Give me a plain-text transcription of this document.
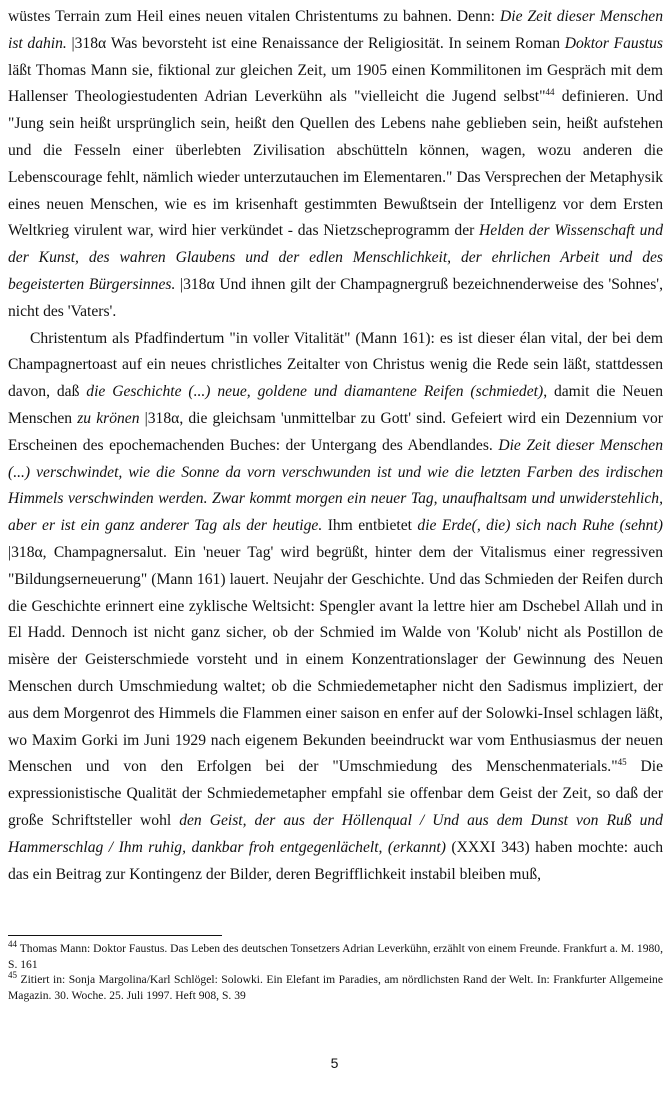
wüstes Terrain zum Heil eines neuen vitalen Christentums zu bahnen. Denn: Die Zeit dieser Menschen ist dahin. |318α Was bevorsteht ist eine Renaissance der Religiosität. In seinem Roman Doktor Faustus läßt Thomas Mann sie, fiktional zur gleichen Zeit, um 1905 einen Kommilitonen im Gespräch mit dem Hallenser Theologiestudenten Adrian Leverkühn als "vielleicht die Jugend selbst"$^{44}$ definieren. Und "Jung sein heißt ursprünglich sein, heißt den Quellen des Lebens nahe geblieben sein, heißt aufstehen und die Fesseln einer überlebten Zivilisation abschütteln können, wagen, wozu anderen die Lebenscourage fehlt, nämlich wieder unterzutauchen im Elementaren." Das Versprechen der Metaphysik eines neuen Menschen, wie es im krisenhaft gestimmten Bewußtsein der Intelligenz vor dem Ersten Weltkrieg virulent war, wird hier verkündet - das Nietzscheprogramm der Helden der Wissenschaft und der Kunst, des wahren Glaubens und der edlen Menschlichkeit, der ehrlichen Arbeit und des begeisterten Bürgersinnes. |318α Und ihnen gilt der Champagnergruß bezeichnenderweise des 'Sohnes', nicht des 'Vaters'.

Christentum als Pfadfindertum "in voller Vitalität" (Mann 161): es ist dieser élan vital, der bei dem Champagnertoast auf ein neues christliches Zeitalter von Christus wenig die Rede sein läßt, stattdessen davon, daß die Geschichte (...) neue, goldene und diamantene Reifen (schmiedet), damit die Neuen Menschen zu krönen |318α, die gleichsam 'unmittelbar zu Gott' sind. Gefeiert wird ein Dezennium vor Erscheinen des epochemachenden Buches: der Untergang des Abendlandes. Die Zeit dieser Menschen (...) verschwindet, wie die Sonne da vorn verschwunden ist und wie die letzten Farben des irdischen Himmels verschwinden werden. Zwar kommt morgen ein neuer Tag, unaufhaltsam und unwiderstehlich, aber er ist ein ganz anderer Tag als der heutige. Ihm entbietet die Erde(, die) sich nach Ruhe (sehnt) |318α, Champagnersalut. Ein 'neuer Tag' wird begrüßt, hinter dem der Vitalismus einer regressiven "Bildungserneuerung" (Mann 161) lauert. Neujahr der Geschichte. Und das Schmieden der Reifen durch die Geschichte erinnert eine zyklische Weltsicht: Spengler avant la lettre hier am Dschebel Allah und in El Hadd. Dennoch ist nicht ganz sicher, ob der Schmied im Walde von 'Kolub' nicht als Postillon de misère der Geisterschmiede vorsteht und in einem Konzentrationslager der Gewinnung des Neuen Menschen durch Umschmiedung waltet; ob die Schmiedemetapher nicht den Sadismus impliziert, der aus dem Morgenrot des Himmels die Flammen einer saison en enfer auf der Solowki-Insel schlagen läßt, wo Maxim Gorki im Juni 1929 nach eigenem Bekunden beeindruckt war vom Enthusiasmus der neuen Menschen und von den Erfolgen bei der "Umschmiedung des Menschenmaterials."$^{45}$ Die expressionistische Qualität der Schmiedemetapher empfahl sie offenbar dem Geist der Zeit, so daß der große Schriftsteller wohl den Geist, der aus der Höllenqual / Und aus dem Dunst von Ruß und Hammerschlag / Ihm ruhig, dankbar froh entgegenlächelt, (erkannt) (XXXI 343) haben mochte: auch das ein Beitrag zur Kontingenz der Bilder, deren Begrifflichkeit instabil bleiben muß,

$^{44}$ Thomas Mann: Doktor Faustus. Das Leben des deutschen Tonsetzers Adrian Leverkühn, erzählt von einem Freunde. Frankfurt a. M. 1980, S. 161

$^{45}$ Zitiert in: Sonja Margolina/Karl Schlögel: Solowki. Ein Elefant im Paradies, am nördlichsten Rand der Welt. In: Frankfurter Allgemeine Magazin. 30. Woche. 25. Juli 1997. Heft 908, S. 39

5
